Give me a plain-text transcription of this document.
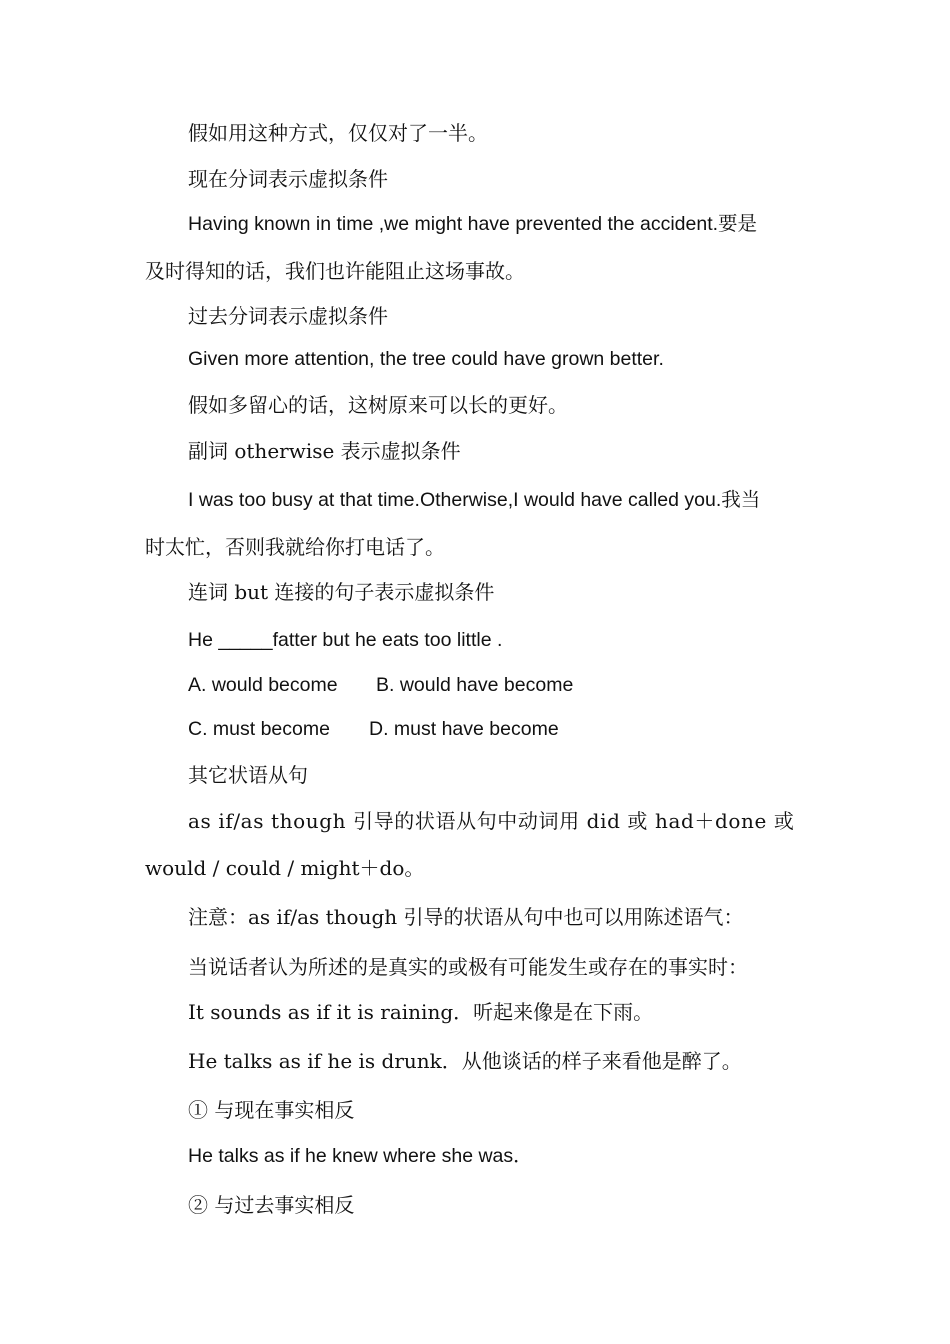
假如用这种方式，仅仅对了一半。
现在分词表示虚拟条件
Having known in time ,we might have prevented the accident.要是
及时得知的话，我们也许能阻止这场事故。
过去分词表示虚拟条件
Given more attention, the tree could have grown better.
假如多留心的话，这树原来可以长的更好。
副词 otherwise 表示虚拟条件
I was too busy at that time.Otherwise,I would have called you.我当
时太忙，否则我就给你打电话了。
连词 but 连接的句子表示虚拟条件
He _____fatter but he eats too little .
A. would become B. would have become
C. must become D. must have become
其它状语从句
as if/as though 引导的状语从句中动词用 did 或 had＋done 或
would / could / might＋do。
注意：as if/as though 引导的状语从句中也可以用陈述语气：
当说话者认为所述的是真实的或极有可能发生或存在的事实时：
It sounds as if it is raining．听起来像是在下雨。
He talks as if he is drunk．从他谈话的样子来看他是醉了。
① 与现在事实相反
He talks as if he knew where she was．
② 与过去事实相反
